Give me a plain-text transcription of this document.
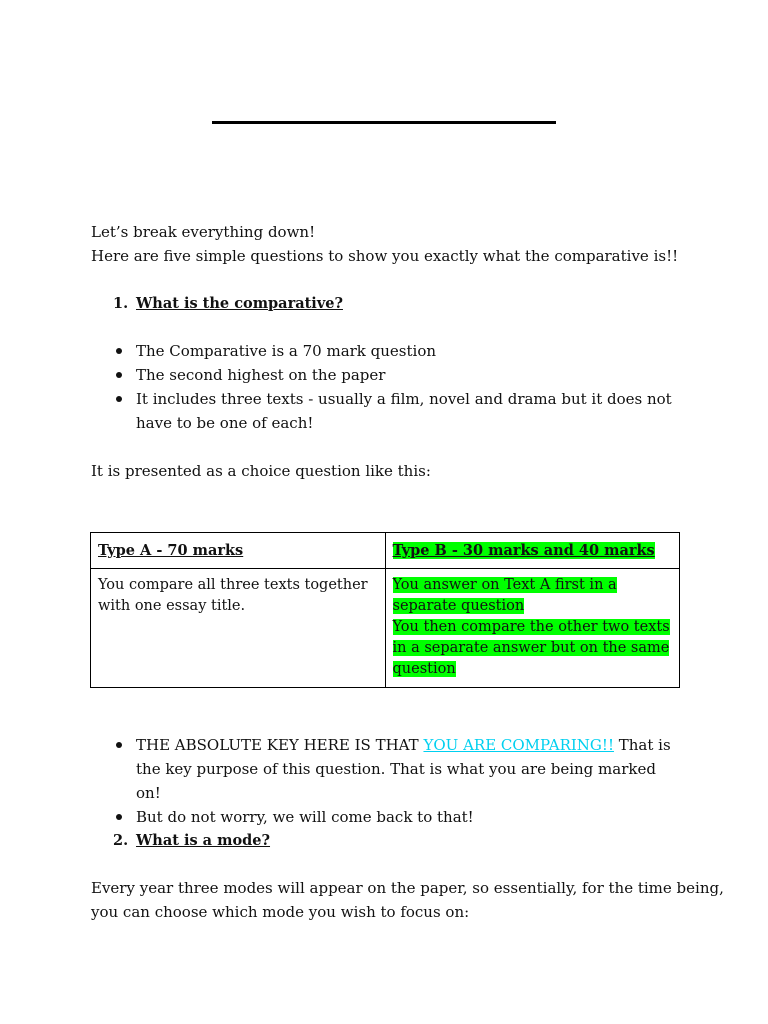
Let’s break everything down!

Here are five simple questions to show you exactly what the comparative is!!

1. What is the comparative?
The Comparative is a 70 mark question
The second highest on the paper
It includes three texts - usually a film, novel and drama but it does not have to be one of each!

It is presented as a choice question like this:

Type A - 70 marks	Type B - 30 marks and 40 marks
You compare all three texts together with one essay title.	You answer on Text A first in a
separate question
You then compare the other two texts
in a separate answer but on the same
question
THE ABSOLUTE KEY HERE IS THAT YOU ARE COMPARING!! That is the key purpose of this question. That is what you are being marked on!
But do not worry, we will come back to that!
2. What is a mode?

Every year three modes will appear on the paper, so essentially, for the time being,

you can choose which mode you wish to focus on:
